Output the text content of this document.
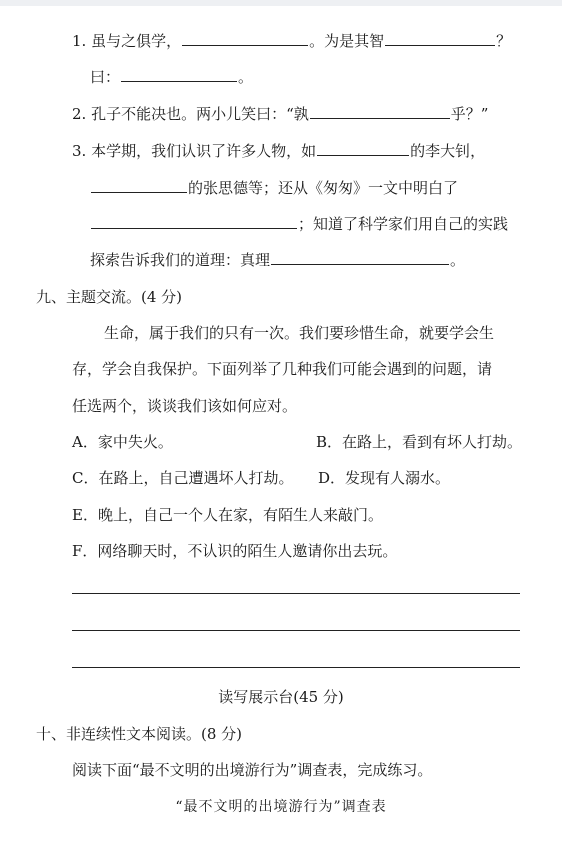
1. 虽与之俱学，	。为是其智	？
曰：	。
2. 孔子不能决也。两小儿笑曰：“孰	乎？”
3. 本学期，我们认识了许多人物，如	的李大钊，
的张思德等；还从《匆匆》一文中明白了
；知道了科学家们用自己的实践
探索告诉我们的道理：真理	。
九、主题交流。(4 分)
生命，属于我们的只有一次。我们要珍惜生命，就要学会生
存，学会自我保护。下面列举了几种我们可能会遇到的问题，请
任选两个，谈谈我们该如何应对。
A．家中失火。	B．在路上，看到有坏人打劫。
C．在路上，自己遭遇坏人打劫。 D．发现有人溺水。
E．晚上，自己一个人在家，有陌生人来敲门。
F．网络聊天时，不认识的陌生人邀请你出去玩。
读写展示台(45 分)
十、非连续性文本阅读。(8 分)
阅读下面“最不文明的出境游行为”调查表，完成练习。
“最不文明的出境游行为”调查表
